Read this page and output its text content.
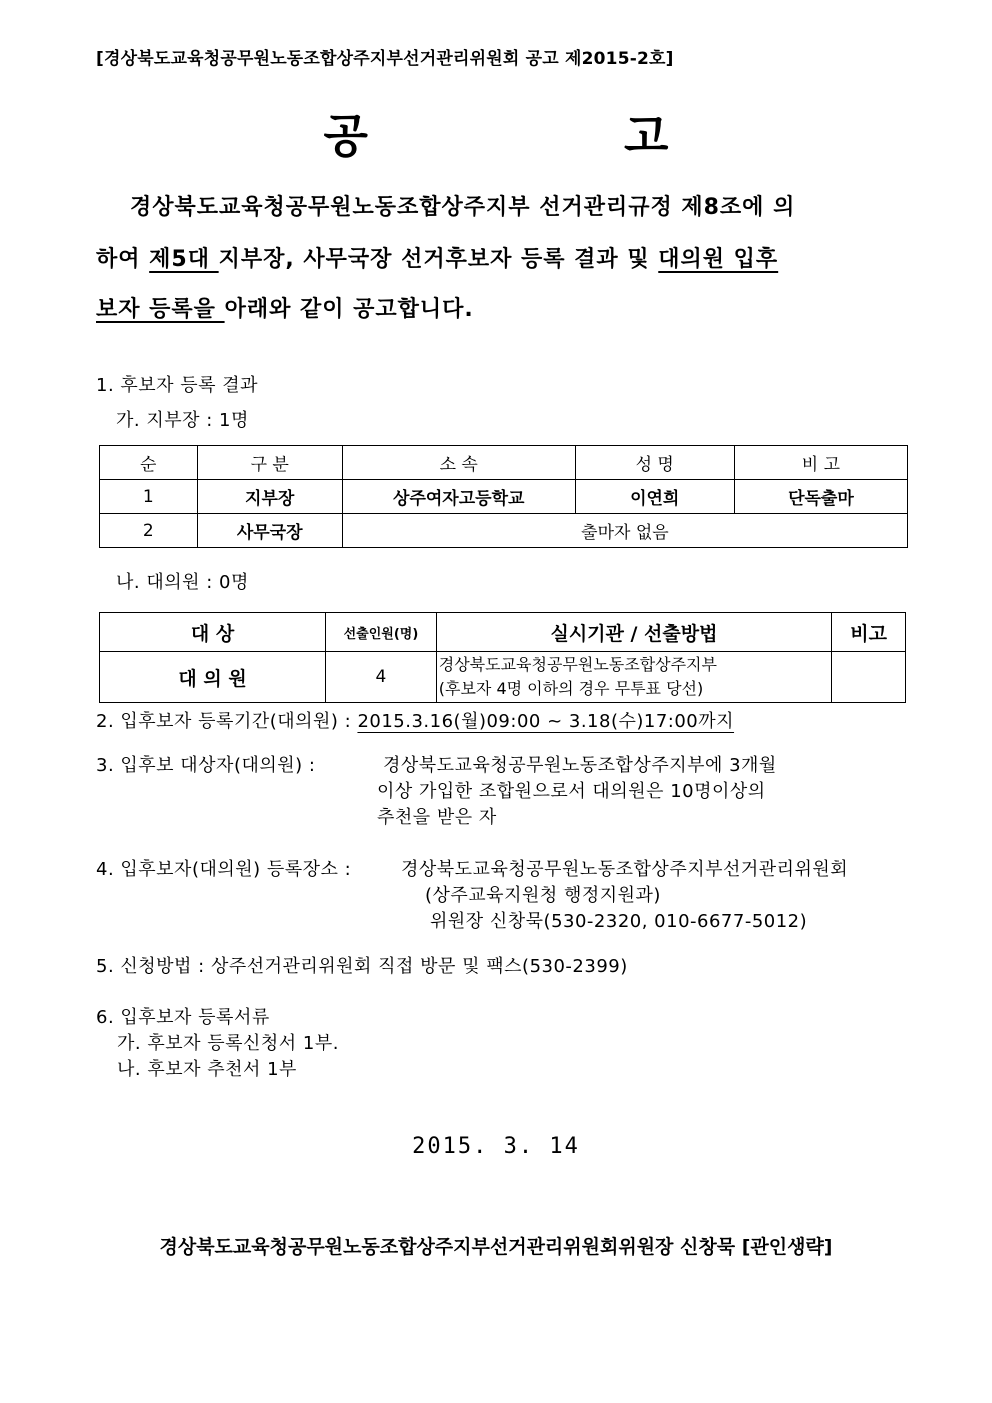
[경상북도교육청공무원노동조합상주지부선거관리위원회 공고 제2015-2호]
공 고
경상북도교육청공무원노동조합상주지부 선거관리규정 제8조에 의
하여 제5대 지부장, 사무국장 선거후보자 등록 결과 및 대의원 입후
보자 등록을 아래와 같이 공고합니다.
1. 후보자 등록 결과
가. 지부장 : 1명
순	구 분	소 속	성 명	비 고
1	지부장	상주여자고등학교	이연희	단독출마
2	사무국장	출마자 없음		
나. 대의원 : 0명
대 상	선출인원(명)	실시기관 / 선출방법	비고
대 의 원	4	경상북도교육청공무원노동조합상주지부
(후보자 4명 이하의 경우 무투표 당선)	

2. 입후보자 등록기간(대의원) : 2015.3.16(월)09:00 ~ 3.18(수)17:00까지
3. 입후보 대상자(대의원) :	경상북도교육청공무원노동조합상주지부에 3개월
이상 가입한 조합원으로서 대의원은 10명이상의
추천을 받은 자
4. 입후보자(대의원) 등록장소 :	경상북도교육청공무원노동조합상주지부선거관리위원회
(상주교육지원청 행정지원과)
위원장 신창묵(530-2320, 010-6677-5012)
5. 신청방법 : 상주선거관리위원회 직접 방문 및 팩스(530-2399)
6. 입후보자 등록서류
가. 후보자 등록신청서 1부.
나. 후보자 추천서 1부
2015. 3. 14
경상북도교육청공무원노동조합상주지부선거관리위원회위원장 신창묵 [관인생략]
